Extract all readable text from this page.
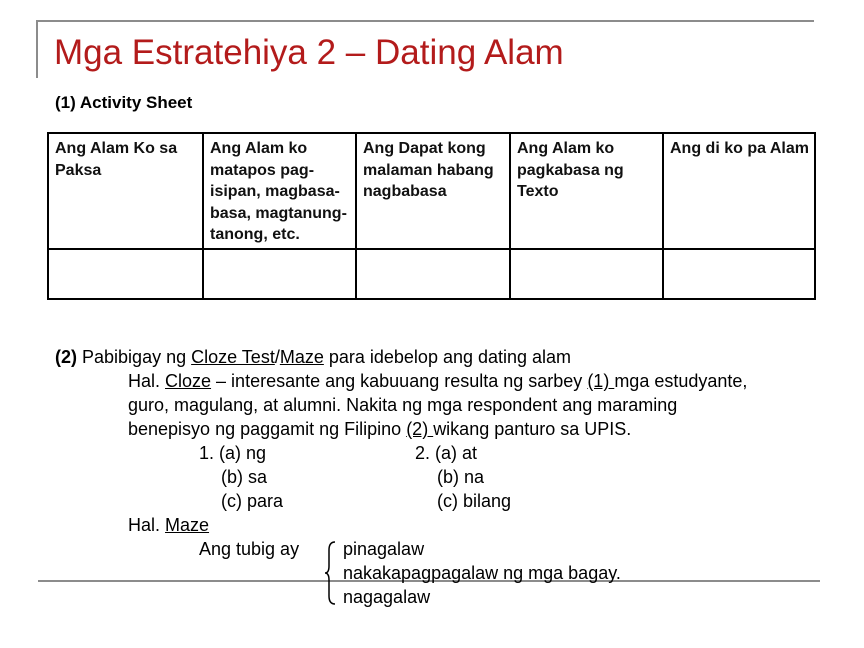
Mga Estratehiya 2 – Dating Alam
(1) Activity Sheet
Ang Alam Ko sa Paksa	Ang Alam ko matapos pag-isipan, magbasa-basa, magtanung-tanong, etc.	Ang Dapat kong malaman habang nagbabasa	Ang Alam ko pagkabasa ng Texto	Ang di ko pa Alam

(2) Pabibigay ng Cloze Test/Maze para idebelop ang dating alam
Hal. Cloze – interesante ang kabuuang resulta ng sarbey (1) mga estudyante,
guro, magulang, at alumni. Nakita ng mga respondent ang maraming
benepisyo ng paggamit ng Filipino (2) wikang panturo sa UPIS.
1. (a) ng
(b) sa
(c) para
2. (a) at
(b) na
(c) bilang
Hal. Maze
Ang tubig ay pinagalaw
nakakapagpagalaw ng mga bagay.
nagagalaw
